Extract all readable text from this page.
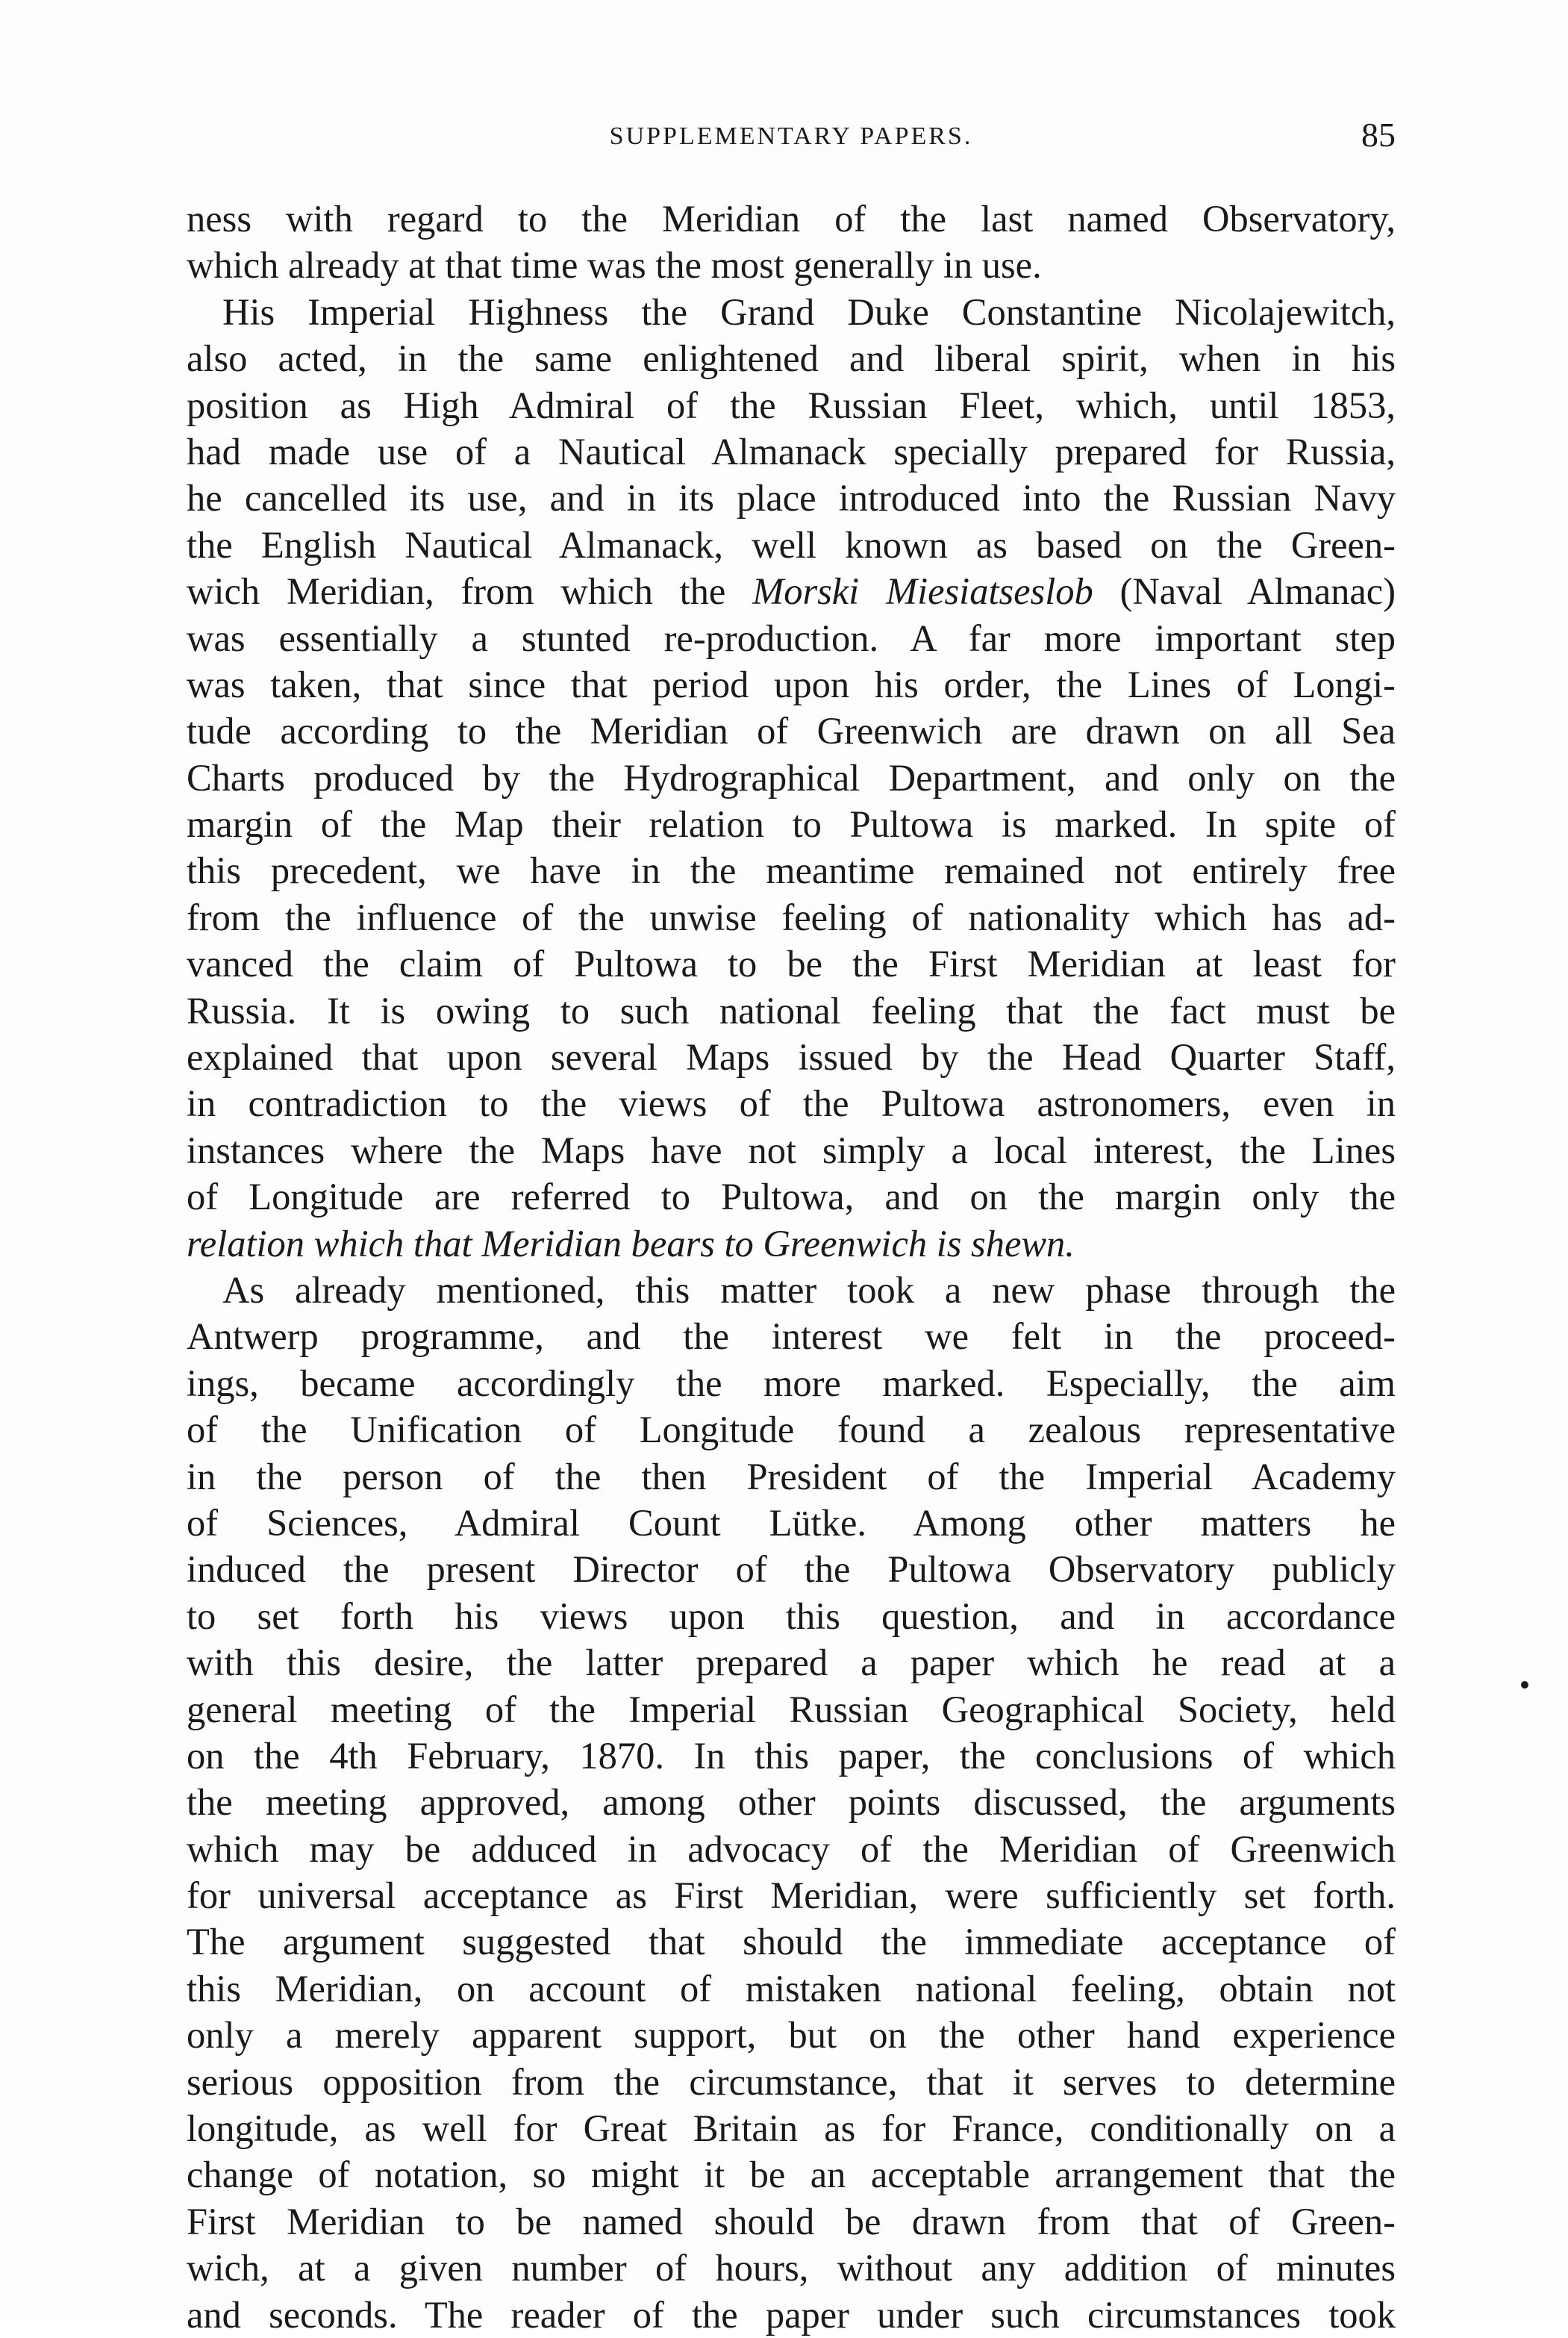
SUPPLEMENTARY PAPERS.	85
ness with regard to the Meridian of the last named Observatory,
which already at that time was the most generally in use.
His Imperial Highness the Grand Duke Constantine Nicolajewitch,
also acted, in the same enlightened and liberal spirit, when in his
position as High Admiral of the Russian Fleet, which, until 1853,
had made use of a Nautical Almanack specially prepared for Russia,
he cancelled its use, and in its place introduced into the Russian Navy
the English Nautical Almanack, well known as based on the Green-
wich Meridian, from which the Morski Miesiatseslob (Naval Almanac)
was essentially a stunted re-production. A far more important step
was taken, that since that period upon his order, the Lines of Longi-
tude according to the Meridian of Greenwich are drawn on all Sea
Charts produced by the Hydrographical Department, and only on the
margin of the Map their relation to Pultowa is marked. In spite of
this precedent, we have in the meantime remained not entirely free
from the influence of the unwise feeling of nationality which has ad-
vanced the claim of Pultowa to be the First Meridian at least for
Russia. It is owing to such national feeling that the fact must be
explained that upon several Maps issued by the Head Quarter Staff,
in contradiction to the views of the Pultowa astronomers, even in
instances where the Maps have not simply a local interest, the Lines
of Longitude are referred to Pultowa, and on the margin only the
relation which that Meridian bears to Greenwich is shewn.
As already mentioned, this matter took a new phase through the
Antwerp programme, and the interest we felt in the proceed-
ings, became accordingly the more marked. Especially, the aim
of the Unification of Longitude found a zealous representative
in the person of the then President of the Imperial Academy
of Sciences, Admiral Count Lütke. Among other matters he
induced the present Director of the Pultowa Observatory publicly
to set forth his views upon this question, and in accordance
with this desire, the latter prepared a paper which he read at a
general meeting of the Imperial Russian Geographical Society, held
on the 4th February, 1870. In this paper, the conclusions of which
the meeting approved, among other points discussed, the arguments
which may be adduced in advocacy of the Meridian of Greenwich
for universal acceptance as First Meridian, were sufficiently set forth.
The argument suggested that should the immediate acceptance of
this Meridian, on account of mistaken national feeling, obtain not
only a merely apparent support, but on the other hand experience
serious opposition from the circumstance, that it serves to determine
longitude, as well for Great Britain as for France, conditionally on a
change of notation, so might it be an acceptable arrangement that the
First Meridian to be named should be drawn from that of Green-
wich, at a given number of hours, without any addition of minutes
and seconds. The reader of the paper under such circumstances took
